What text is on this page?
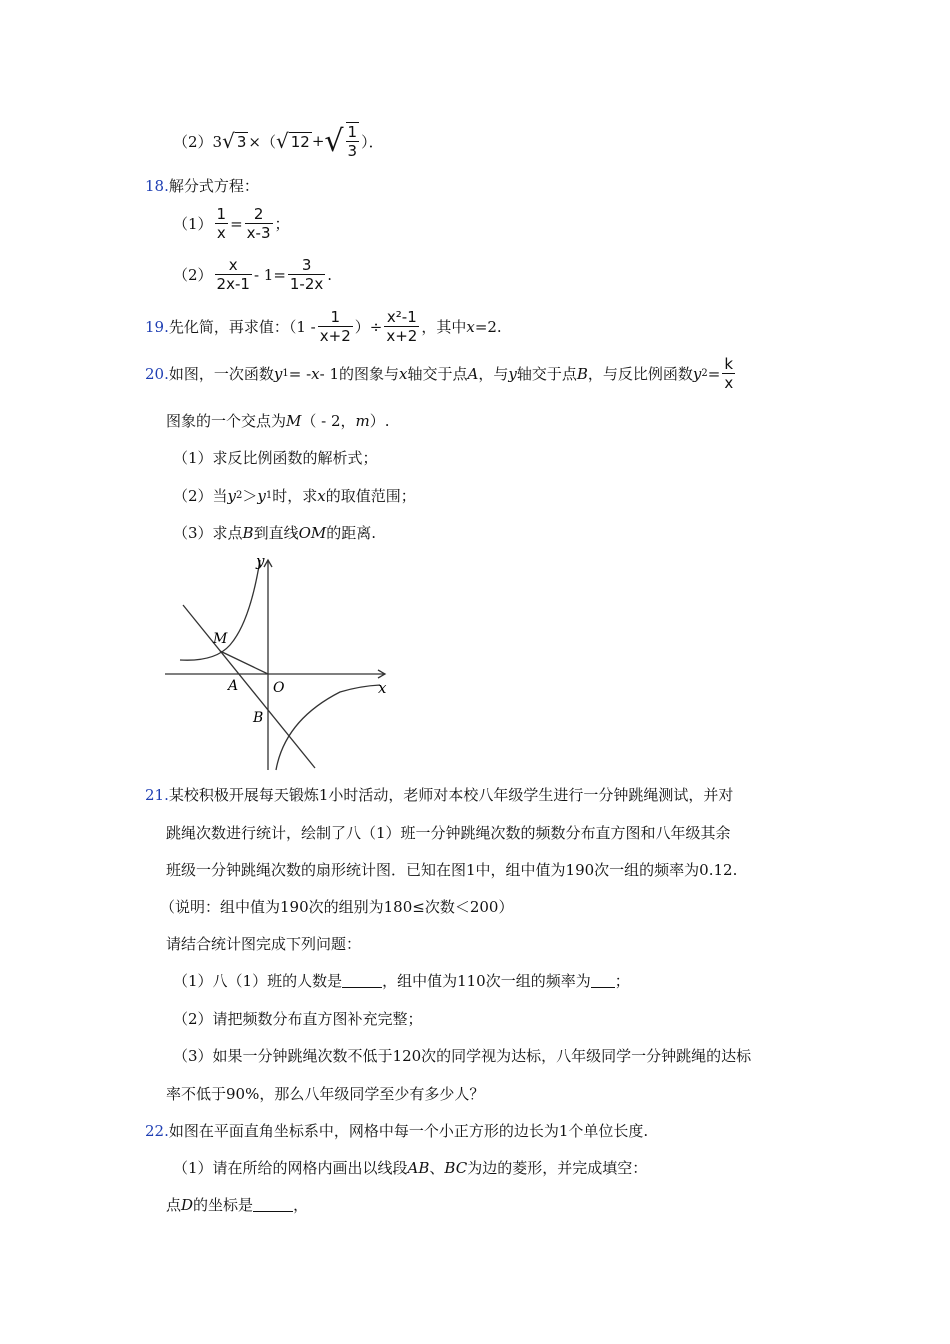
（2）3 √ 3 ×（ √ 12 + √ $\frac{1}{3}$ ）．
18. 解分式方程：
$(1) \frac{1}{x} = \frac{2}{x-3}$ ；
$(2) \frac{x}{2x-1} - 1= \frac{3}{1-2x}$ .
19. 先化简，再求值：（$1 - \frac{1}{x+2}$ ）÷ $\frac{\text{x²-1}}{x+2}$ ，其中 x =2.
20. 如图，一次函数 y 1 = - x - 1的图象与 x 轴交于点 A ，与 y 轴交于点 B ，与反比例函数 y $2 = \frac{k}{x}$
图象的一个交点为 M （ - 2， m ）.
（1）求反比例函数的解析式；
（2）当 y 2 ＞ y 1 时，求 x 的取值范围；
（3）求点 B 到直线 OM 的距离.
y
x
M
A O
B
21. 某校积极开展每天锻炼1小时活动，老师对本校八年级学生进行一分钟跳绳测试，并对
跳绳次数进行统计，绘制了八（1）班一分钟跳绳次数的频数分布直方图和八年级其余
班级一分钟跳绳次数的扇形统计图．已知在图1中，组中值为190次一组的频率为0.12.
（说明：组中值为190次的组别为180≤次数＜200）
请结合统计图完成下列问题：
（1）八（1）班的人数是	，组中值为110次一组的频率为 ；
（2）请把频数分布直方图补充完整；
（3）如果一分钟跳绳次数不低于120次的同学视为达标，八年级同学一分钟跳绳的达标
率不低于90%，那么八年级同学至少有多少人？
22. 如图在平面直角坐标系中，网格中每一个小正方形的边长为1个单位长度.
（1）请在所给的网格内画出以线段 AB 、 BC 为边的菱形，并完成填空：
点 D 的坐标是	，
